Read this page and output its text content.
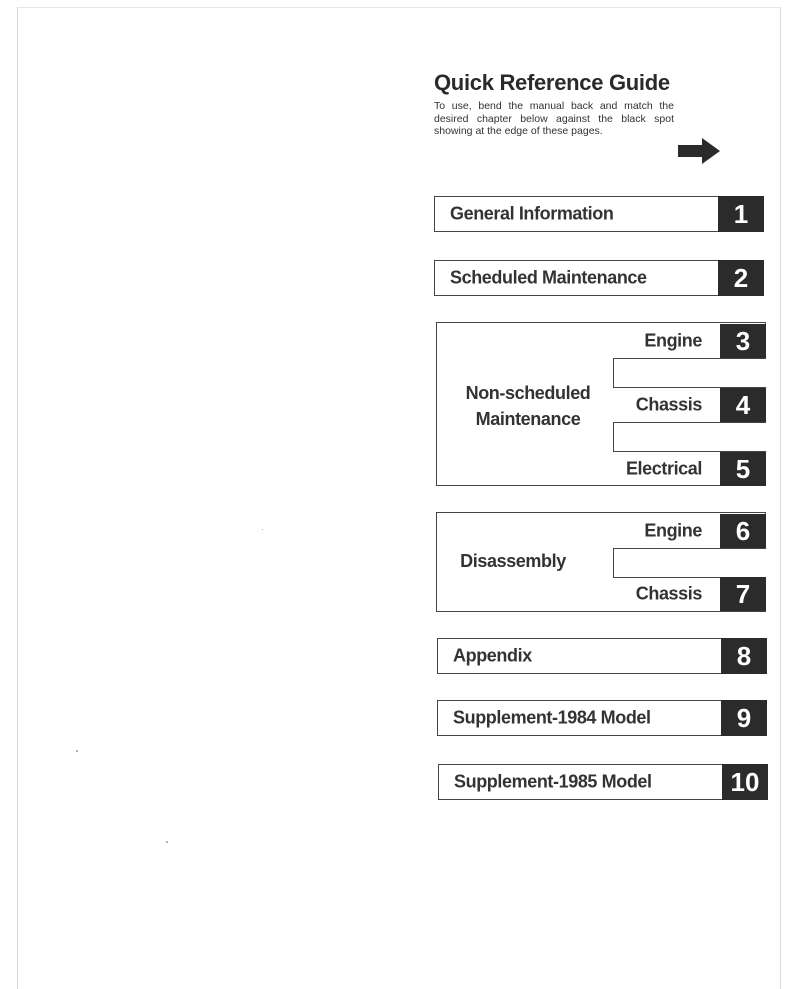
Quick Reference Guide
To use, bend the manual back and match the desired chapter below against the black spot showing at the edge of these pages.
General Information	1
Scheduled Maintenance	2
Non-scheduled
Maintenance
Engine	3
Chassis	4
Electrical	5
Disassembly
Engine	6
Chassis	7
Appendix	8
Supplement-1984 Model	9
Supplement-1985 Model	10
